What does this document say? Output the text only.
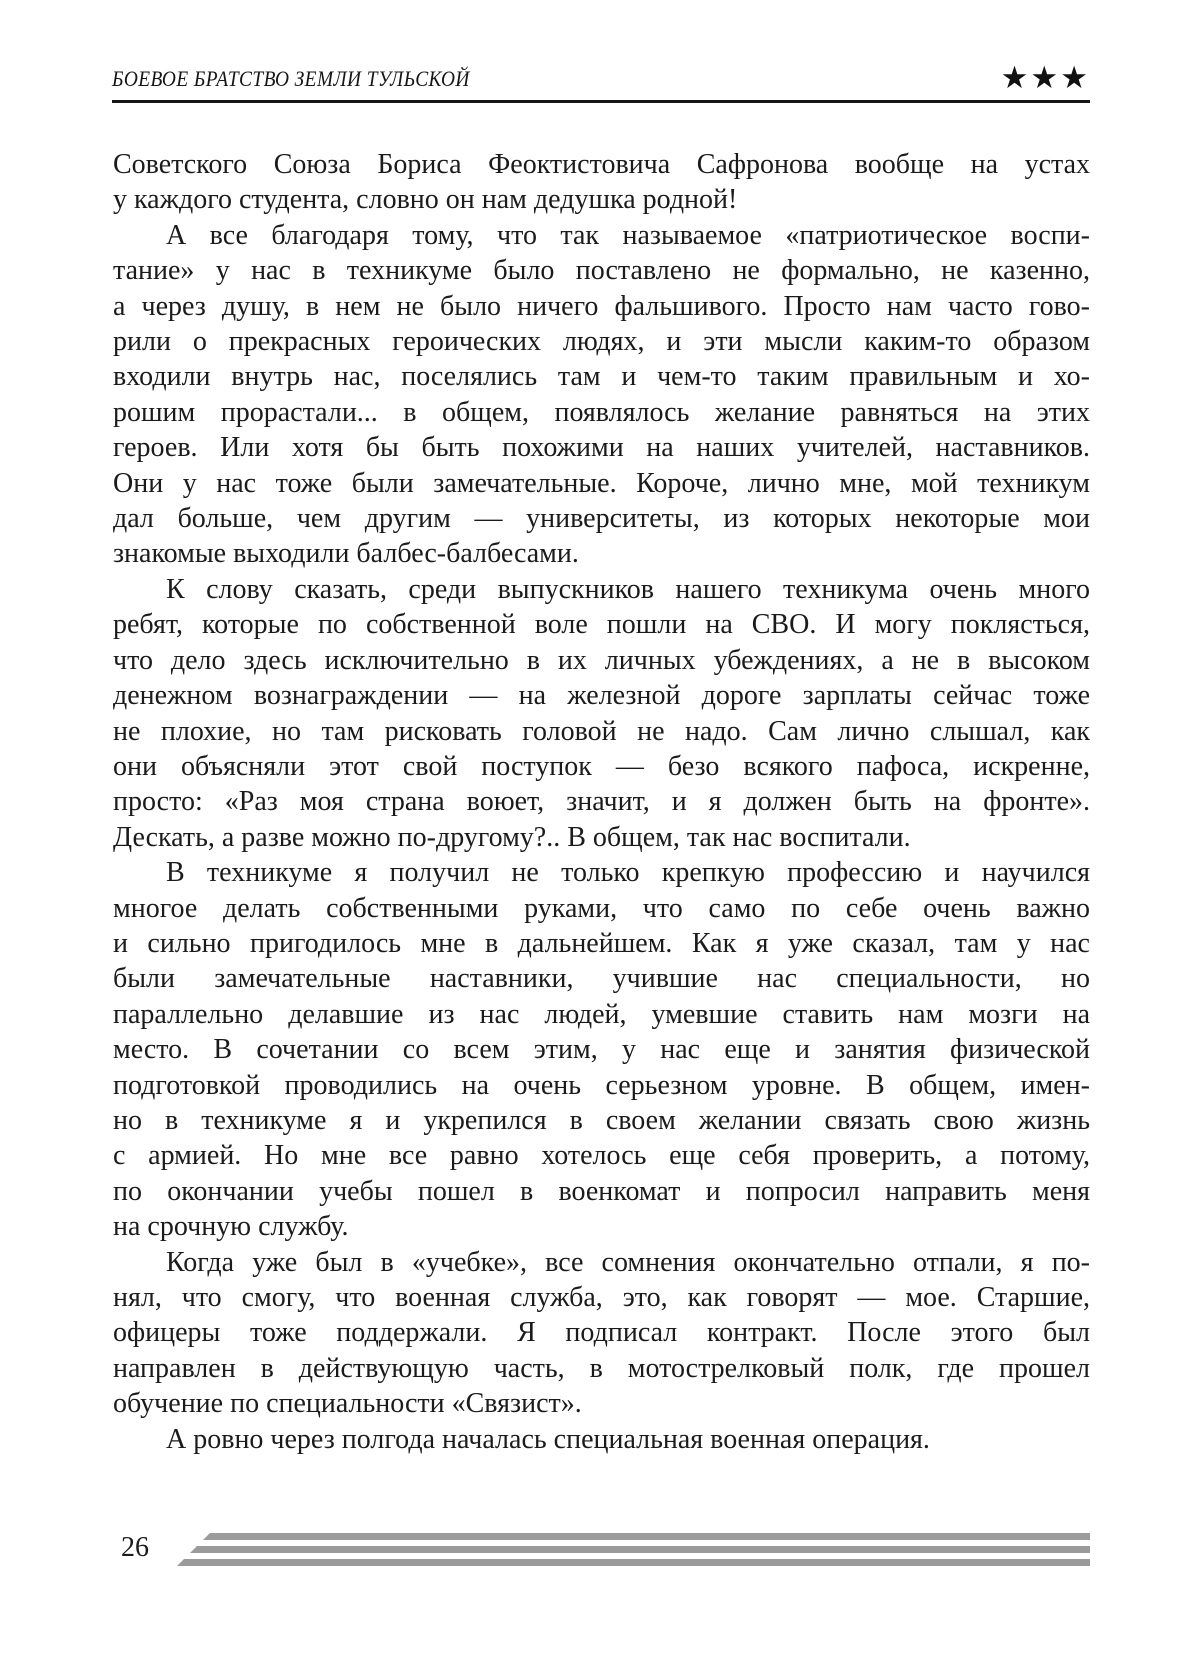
БОЕВОЕ БРАТСТВО ЗЕМЛИ ТУЛЬСКОЙ	★★★
Советского Союза Бориса Феоктистовича Сафронова вообще на устах
у каждого студента, словно он нам дедушка родной!
А все благодаря тому, что так называемое «патриотическое воспи-
тание» у нас в техникуме было поставлено не формально, не казенно,
а через душу, в нем не было ничего фальшивого. Просто нам часто гово-
рили о прекрасных героических людях, и эти мысли каким-то образом
входили внутрь нас, поселялись там и чем-то таким правильным и хо-
рошим прорастали... в общем, появлялось желание равняться на этих
героев. Или хотя бы быть похожими на наших учителей, наставников.
Они у нас тоже были замечательные. Короче, лично мне, мой техникум
дал больше, чем другим — университеты, из которых некоторые мои
знакомые выходили балбес-балбесами.
К слову сказать, среди выпускников нашего техникума очень много
ребят, которые по собственной воле пошли на СВО. И могу поклясться,
что дело здесь исключительно в их личных убеждениях, а не в высоком
денежном вознаграждении — на железной дороге зарплаты сейчас тоже
не плохие, но там рисковать головой не надо. Сам лично слышал, как
они объясняли этот свой поступок — безо всякого пафоса, искренне,
просто: «Раз моя страна воюет, значит, и я должен быть на фронте».
Дескать, а разве можно по-другому?.. В общем, так нас воспитали.
В техникуме я получил не только крепкую профессию и научился
многое делать собственными руками, что само по себе очень важно
и сильно пригодилось мне в дальнейшем. Как я уже сказал, там у нас
были замечательные наставники, учившие нас специальности, но
параллельно делавшие из нас людей, умевшие ставить нам мозги на
место. В сочетании со всем этим, у нас еще и занятия физической
подготовкой проводились на очень серьезном уровне. В общем, имен-
но в техникуме я и укрепился в своем желании связать свою жизнь
с армией. Но мне все равно хотелось еще себя проверить, а потому,
по окончании учебы пошел в военкомат и попросил направить меня
на срочную службу.
Когда уже был в «учебке», все сомнения окончательно отпали, я по-
нял, что смогу, что военная служба, это, как говорят — мое. Старшие,
офицеры тоже поддержали. Я подписал контракт. После этого был
направлен в действующую часть, в мотострелковый полк, где прошел
обучение по специальности «Связист».
А ровно через полгода началась специальная военная операция.
26
